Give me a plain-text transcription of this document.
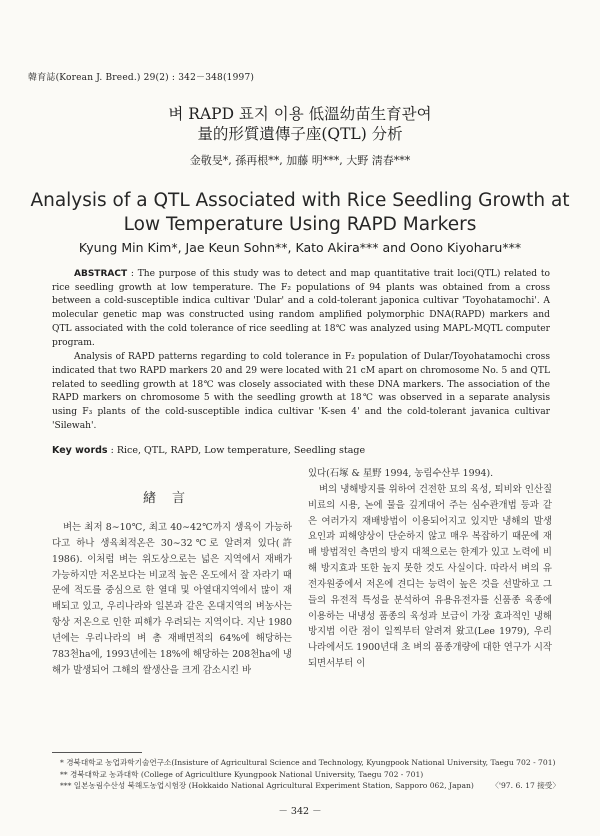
韓育誌(Korean J. Breed.) 29(2) : 342－348(1997)
벼 RAPD 표지 이용 低溫幼苗生育관여
量的形質遺傳子座(QTL) 分析
金敬旻*, 孫再根**, 加藤 明***, 大野 淸春***
Analysis of a QTL Associated with Rice Seedling Growth at
Low Temperature Using RAPD Markers
Kyung Min Kim*, Jae Keun Sohn**, Kato Akira*** and Oono Kiyoharu***

ABSTRACT : The purpose of this study was to detect and map quantitative trait loci(QTL) related to rice seedling growth at low temperature. The F₂ populations of 94 plants was obtained from a cross between a cold-susceptible indica cultivar 'Dular' and a cold-tolerant japonica cultivar 'Toyohatamochi'. A molecular genetic map was constructed using random amplified polymorphic DNA(RAPD) markers and QTL associated with the cold tolerance of rice seedling at 18℃ was analyzed using MAPL-MQTL computer program.

Analysis of RAPD patterns regarding to cold tolerance in F₂ population of Dular/Toyohatamochi cross indicated that two RAPD markers 20 and 29 were located with 21 cM apart on chromosome No. 5 and QTL related to seedling growth at 18℃ was closely associated with these DNA markers. The association of the RAPD markers on chromosome 5 with the seedling growth at 18℃ was observed in a separate analysis using F₃ plants of the cold-susceptible indica cultivar 'K-sen 4' and the cold-tolerant javanica cultivar 'Silewah'.

Key words : Rice, QTL, RAPD, Low temperature, Seedling stage
緖言

벼는 최저 8∼10℃, 최고 40∼42℃까지 생육이 가능하다고 하나 생육최적온은 30∼32℃로 알려져 있다(許 1986). 이처럼 벼는 위도상으로는 넓은 지역에서 재배가 가능하지만 저온보다는 비교적 높은 온도에서 잘 자라기 때문에 적도를 중심으로 한 열대 및 아열대지역에서 많이 재배되고 있고, 우리나라와 일본과 같은 온대지역의 벼농사는 항상 저온으로 인한 피해가 우려되는 지역이다. 지난 1980년에는 우리나라의 벼 총 재배면적의 64%에 해당하는 783천ha에, 1993년에는 18%에 해당하는 208천ha에 냉해가 발생되어 그해의 쌀생산을 크게 감소시킨 바

있다(石塚 & 星野 1994, 농림수산부 1994).

벼의 냉해방지를 위하여 건전한 묘의 육성, 퇴비와 인산질비료의 시용, 논에 물을 깊게대어 주는 심수관개법 등과 같은 여러가지 재배방법이 이용되어지고 있지만 냉해의 발생요인과 피해양상이 단순하지 않고 매우 복잡하기 때문에 재배 방법적인 측면의 방지 대책으로는 한계가 있고 노력에 비해 방지효과 또한 높지 못한 것도 사실이다. 따라서 벼의 유전자원중에서 저온에 견디는 능력이 높은 것을 선발하고 그들의 유전적 특성을 분석하여 유용유전자를 신품종 육종에 이용하는 내냉성 품종의 육성과 보급이 가장 효과적인 냉해방지법 이란 점이 일찍부터 알려져 왔고(Lee 1979), 우리나라에서도 1900년대 초 벼의 품종개량에 대한 연구가 시작되면서부터 이

* 경북대학교 농업과학기술연구소(Insisture of Agricultural Science and Technology, Kyungpook National University, Taegu 702 - 701)
** 경북대학교 농과대학 (College of Agricultlure Kyungpook National University, Taegu 702 - 701)
*** 일본농림수산성 북해도농업시험장 (Hokkaido National Agricultural Experiment Station, Sapporo 062, Japan)	〈'97. 6. 17 接受〉
－ 342 －
